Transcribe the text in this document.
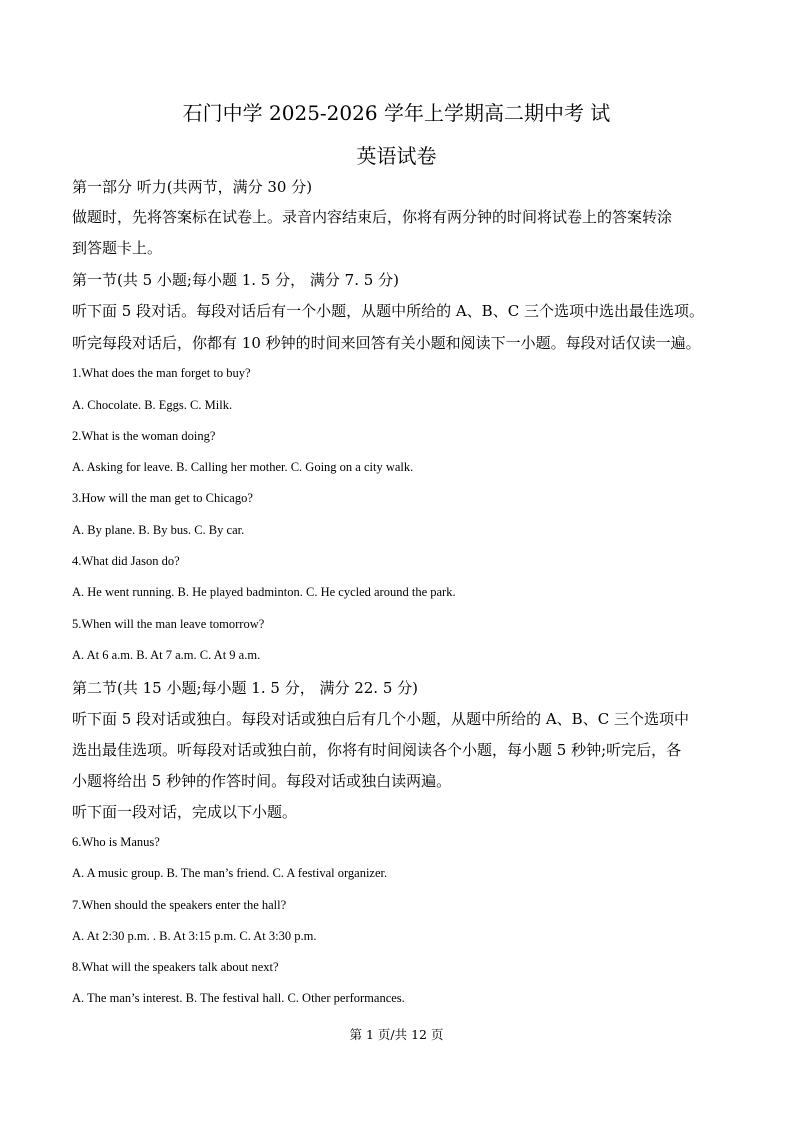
石门中学 2025-2026 学年上学期高二期中考 试
英语试卷
第一部分 听力(共两节，满分 30 分)
做题时，先将答案标在试卷上。录音内容结束后，你将有两分钟的时间将试卷上的答案转涂
到答题卡上。
第一节(共 5 小题;每小题 1. 5 分， 满分 7. 5 分)
听下面 5 段对话。每段对话后有一个小题，从题中所给的 A、B、C 三个选项中选出最佳选项。
听完每段对话后，你都有 10 秒钟的时间来回答有关小题和阅读下一小题。每段对话仅读一遍。
1.What does the man forget to buy?
A. Chocolate. B. Eggs. C. Milk.
2.What is the woman doing?
A. Asking for leave. B. Calling her mother. C. Going on a city walk.
3.How will the man get to Chicago?
A. By plane. B. By bus. C. By car.
4.What did Jason do?
A. He went running. B. He played badminton. C. He cycled around the park.
5.When will the man leave tomorrow?
A. At 6 a.m. B. At 7 a.m. C. At 9 a.m.
第二节(共 15 小题;每小题 1. 5 分， 满分 22. 5 分)
听下面 5 段对话或独白。每段对话或独白后有几个小题，从题中所给的 A、B、C 三个选项中
选出最佳选项。听每段对话或独白前，你将有时间阅读各个小题，每小题 5 秒钟;听完后，各
小题将给出 5 秒钟的作答时间。每段对话或独白读两遍。
听下面一段对话，完成以下小题。
6.Who is Manus?
A. A music group. B. The man’s friend. C. A festival organizer.
7.When should the speakers enter the hall?
A. At 2:30 p.m. . B. At 3:15 p.m. C. At 3:30 p.m.
8.What will the speakers talk about next?
A. The man’s interest. B. The festival hall. C. Other performances.
第 1 页/共 12 页
